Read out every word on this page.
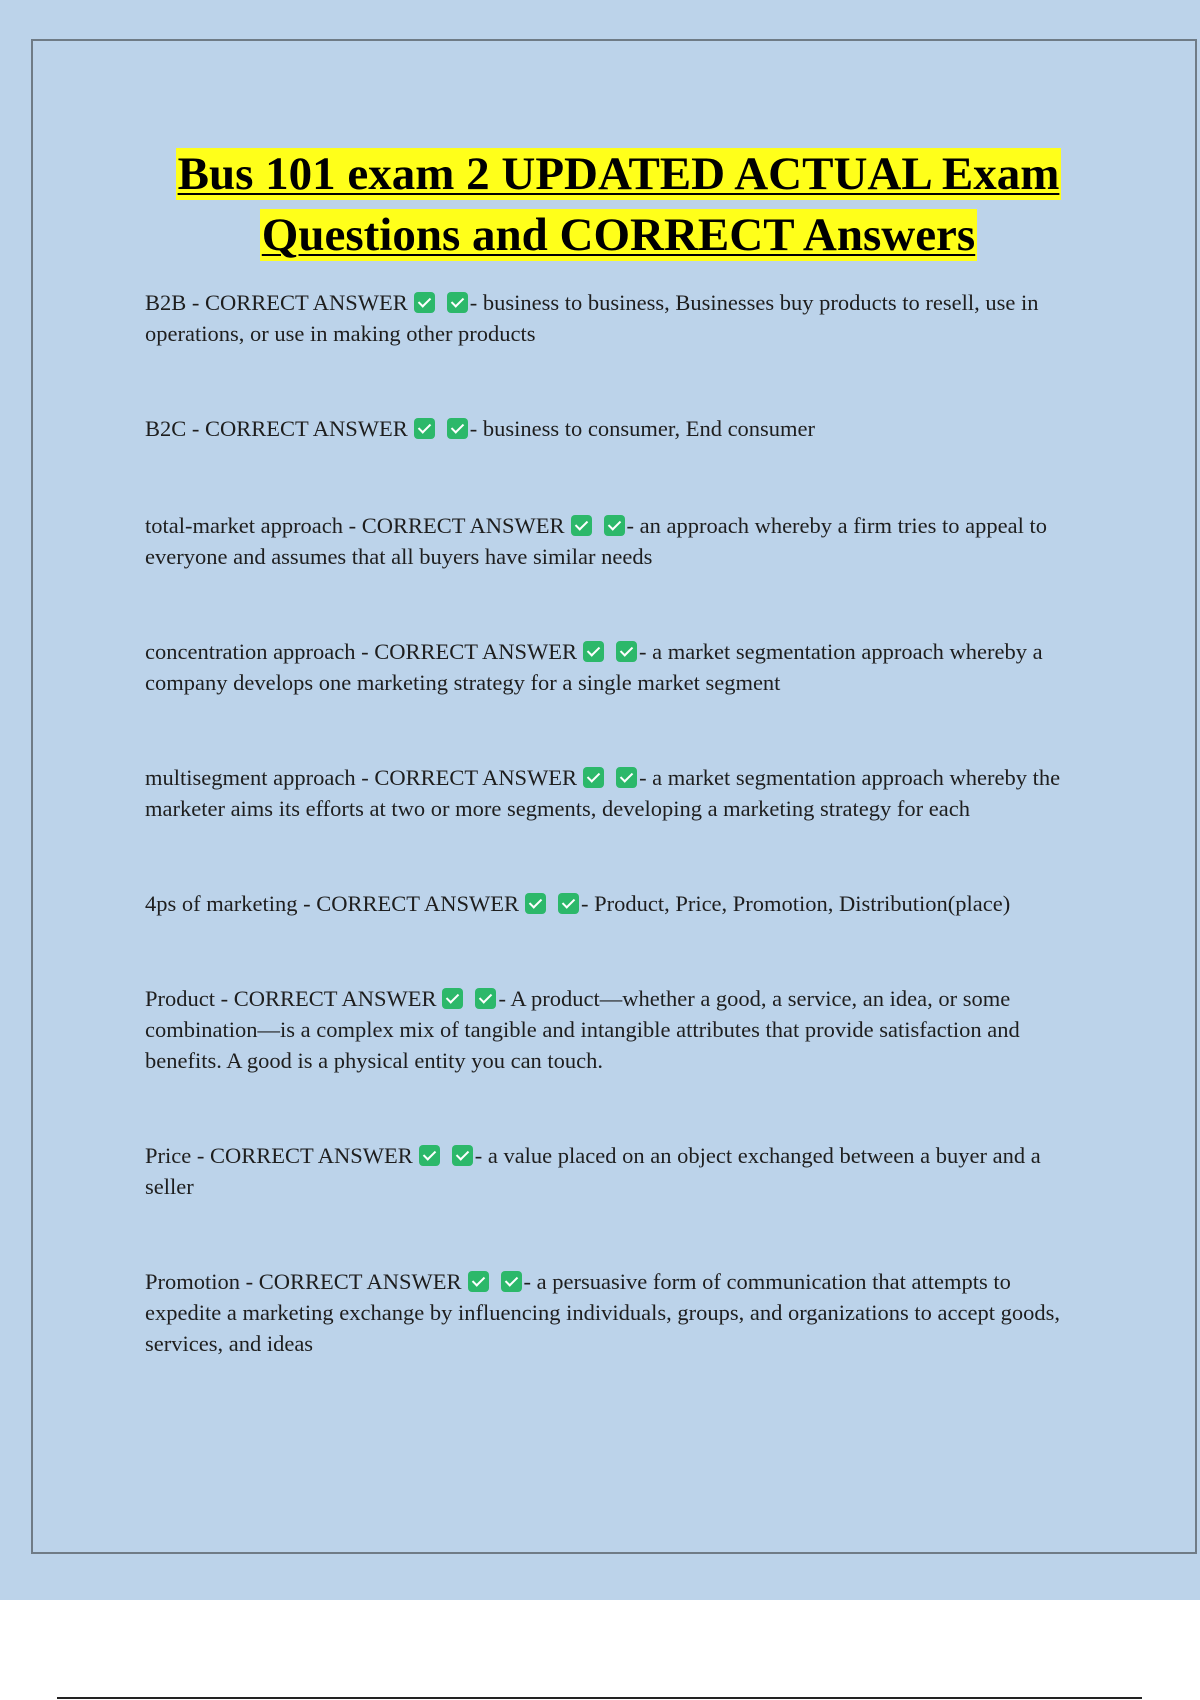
Bus 101 exam 2 UPDATED ACTUAL Exam
Questions and CORRECT Answers

B2B - CORRECT ANSWER	- business to business, Businesses buy products to resell, use in operations, or use in making other products

B2C - CORRECT ANSWER	- business to consumer, End consumer

total-market approach - CORRECT ANSWER	- an approach whereby a firm tries to appeal to everyone and assumes that all buyers have similar needs

concentration approach - CORRECT ANSWER	- a market segmentation approach whereby a company develops one marketing strategy for a single market segment

multisegment approach - CORRECT ANSWER	- a market segmentation approach whereby the marketer aims its efforts at two or more segments, developing a marketing strategy for each

4ps of marketing - CORRECT ANSWER	- Product, Price, Promotion, Distribution(place)

Product - CORRECT ANSWER	- A product—whether a good, a service, an idea, or some combination—is a complex mix of tangible and intangible attributes that provide satisfaction and benefits. A good is a physical entity you can touch.

Price - CORRECT ANSWER	- a value placed on an object exchanged between a buyer and a seller

Promotion - CORRECT ANSWER	- a persuasive form of communication that attempts to expedite a marketing exchange by influencing individuals, groups, and organizations to accept goods, services, and ideas
